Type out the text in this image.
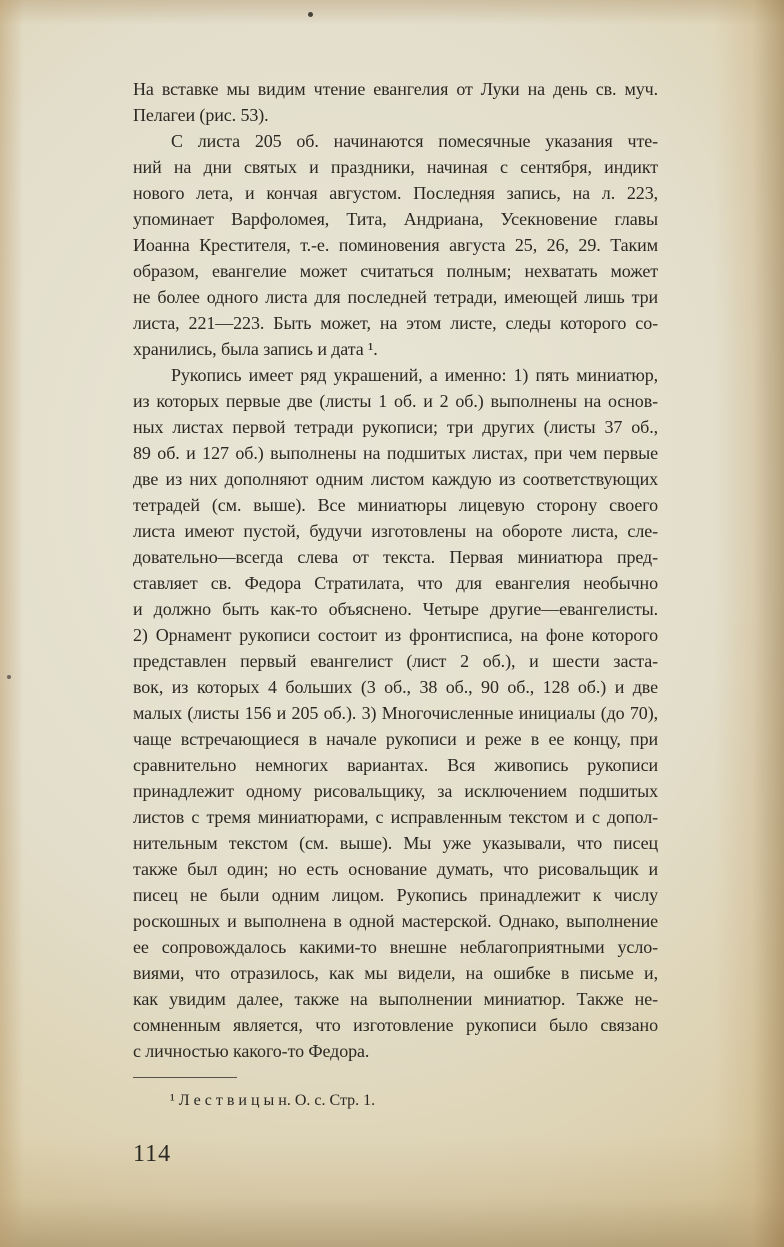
На вставке мы видим чтение евангелия от Луки на день св. муч.
Пелагеи (рис. 53).
С листа 205 об. начинаются помесячные указания чте-
ний на дни святых и праздники, начиная с сентября, индикт
нового лета, и кончая августом. Последняя запись, на л. 223,
упоминает Варфоломея, Тита, Андриана, Усекновение главы
Иоанна Крестителя, т.-е. поминовения августа 25, 26, 29. Таким
образом, евангелие может считаться полным; нехватать может
не более одного листа для последней тетради, имеющей лишь три
листа, 221—223. Быть может, на этом листе, следы которого со-
хранились, была запись и дата ¹.
Рукопись имеет ряд украшений, а именно: 1) пять миниатюр,
из которых первые две (листы 1 об. и 2 об.) выполнены на основ-
ных листах первой тетради рукописи; три других (листы 37 об.,
89 об. и 127 об.) выполнены на подшитых листах, при чем первые
две из них дополняют одним листом каждую из соответствующих
тетрадей (см. выше). Все миниатюры лицевую сторону своего
листа имеют пустой, будучи изготовлены на обороте листа, сле-
довательно—всегда слева от текста. Первая миниатюра пред-
ставляет св. Федора Стратилата, что для евангелия необычно
и должно быть как-то объяснено. Четыре другие—евангелисты.
2) Орнамент рукописи состоит из фронтисписа, на фоне которого
представлен первый евангелист (лист 2 об.), и шести заста-
вок, из которых 4 больших (3 об., 38 об., 90 об., 128 об.) и две
малых (листы 156 и 205 об.). 3) Многочисленные инициалы (до 70),
чаще встречающиеся в начале рукописи и реже в ее концу, при
сравнительно немногих вариантах. Вся живопись рукописи
принадлежит одному рисовальщику, за исключением подшитых
листов с тремя миниатюрами, с исправленным текстом и с допол-
нительным текстом (см. выше). Мы уже указывали, что писец
также был один; но есть основание думать, что рисовальщик и
писец не были одним лицом. Рукопись принадлежит к числу
роскошных и выполнена в одной мастерской. Однако, выполнение
ее сопровождалось какими-то внешне неблагоприятными усло-
виями, что отразилось, как мы видели, на ошибке в письме и,
как увидим далее, также на выполнении миниатюр. Также не-
сомненным является, что изготовление рукописи было связано
с личностью какого-то Федора.
¹ Л е с т в и ц ы н. О. с. Стр. 1.
114
